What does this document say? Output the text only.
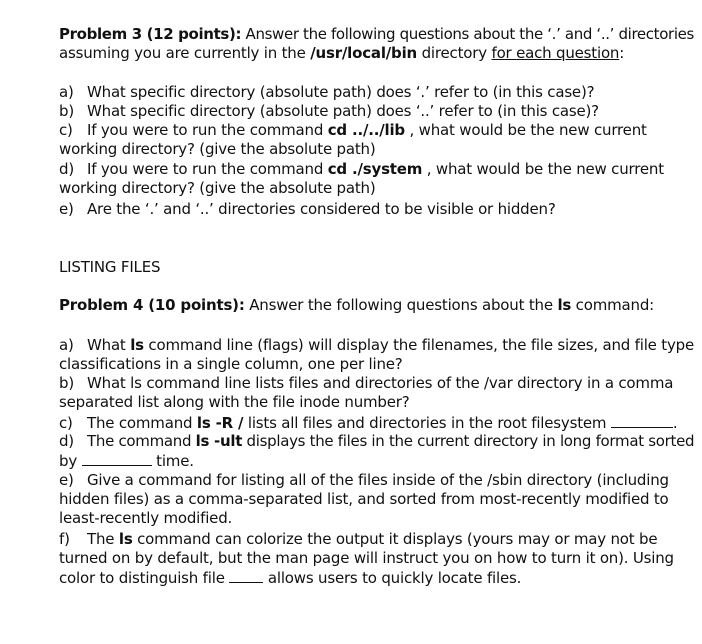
Problem 3 (12 points): Answer the following questions about the ‘.’ and ‘..’ directories
assuming you are currently in the /usr/local/bin directory for each question:
a) What specific directory (absolute path) does ‘.’ refer to (in this case)?
b) What specific directory (absolute path) does ‘..’ refer to (in this case)?
c) If you were to run the command cd ../../lib , what would be the new current
working directory? (give the absolute path)
d) If you were to run the command cd ./system , what would be the new current
working directory? (give the absolute path)
e) Are the ‘.’ and ‘..’ directories considered to be visible or hidden?
LISTING FILES
Problem 4 (10 points): Answer the following questions about the ls command:
a) What ls command line (flags) will display the filenames, the file sizes, and file type
classifications in a single column, one per line?
b) What ls command line lists files and directories of the /var directory in a comma
separated list along with the file inode number?
c) The command ls -R / lists all files and directories in the root filesystem	.
d) The command ls -ult displays the files in the current directory in long format sorted
by	time.
e) Give a command for listing all of the files inside of the /sbin directory (including
hidden files) as a comma-separated list, and sorted from most-recently modified to
least-recently modified.
f) The ls command can colorize the output it displays (yours may or may not be
turned on by default, but the man page will instruct you on how to turn it on). Using
color to distinguish file  allows users to quickly locate files.
